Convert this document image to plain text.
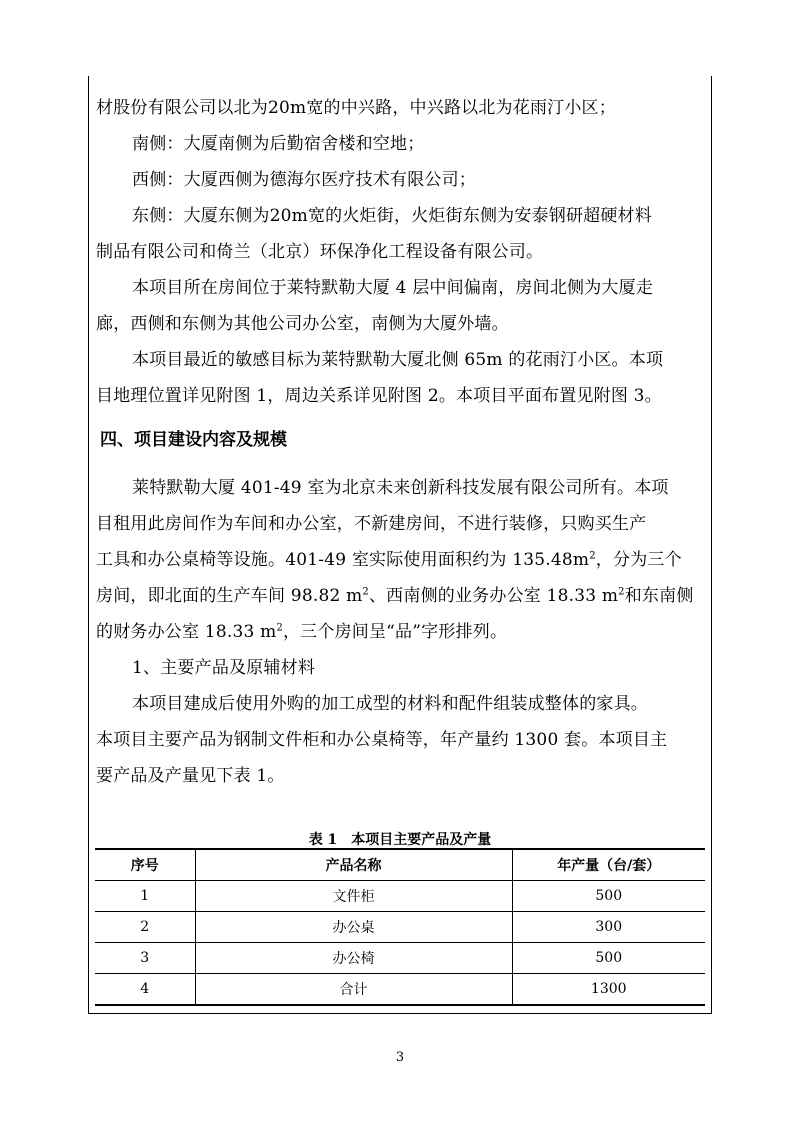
材股份有限公司以北为20m宽的中兴路，中兴路以北为花雨汀小区；
南侧：大厦南侧为后勤宿舍楼和空地；
西侧：大厦西侧为德海尔医疗技术有限公司；
东侧：大厦东侧为20m宽的火炬街，火炬街东侧为安泰钢研超硬材料
制品有限公司和倚兰（北京）环保净化工程设备有限公司。
本项目所在房间位于莱特默勒大厦 4 层中间偏南，房间北侧为大厦走
廊，西侧和东侧为其他公司办公室，南侧为大厦外墙。
本项目最近的敏感目标为莱特默勒大厦北侧 65m 的花雨汀小区。本项
目地理位置详见附图 1，周边关系详见附图 2。本项目平面布置见附图 3。
四、项目建设内容及规模
莱特默勒大厦 401-49 室为北京未来创新科技发展有限公司所有。本项
目租用此房间作为车间和办公室，不新建房间，不进行装修，只购买生产
工具和办公桌椅等设施。401-49 室实际使用面积约为 $135.48m^2$，分为三个
房间，即北面的生产车间 98.82 $m^2$、西南侧的业务办公室 18.33 $m^2$和东南侧
的财务办公室 18.33 $m^2$，三个房间呈“品”字形排列。
1、主要产品及原辅材料
本项目建成后使用外购的加工成型的材料和配件组装成整体的家具。
本项目主要产品为钢制文件柜和办公桌椅等，年产量约 1300 套。本项目主
要产品及产量见下表 1。
表 1　本项目主要产品及产量
序号	产品名称	年产量（台/套）
1	文件柜	500
2	办公桌	300
3	办公椅	500
4	合计	1300
3
